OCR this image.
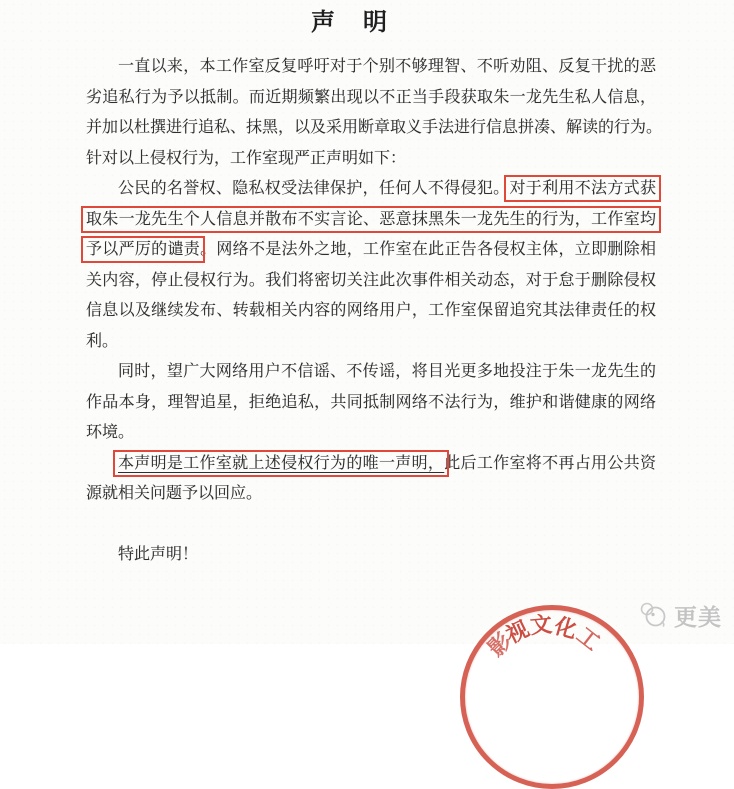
声　明
一直以来，本工作室反复呼吁对于个别不够理智、不听劝阻、反复干扰的恶
劣追私行为予以抵制。而近期频繁出现以不正当手段获取朱一龙先生私人信息，
并加以杜撰进行追私、抹黑，以及采用断章取义手法进行信息拼凑、解读的行为。
针对以上侵权行为，工作室现严正声明如下：
公民的名誉权、隐私权受法律保护，任何人不得侵犯。对于利用不法方式获
取朱一龙先生个人信息并散布不实言论、恶意抹黑朱一龙先生的行为，工作室均
予以严厉的谴责。网络不是法外之地，工作室在此正告各侵权主体，立即删除相
关内容，停止侵权行为。我们将密切关注此次事件相关动态，对于怠于删除侵权
信息以及继续发布、转载相关内容的网络用户，工作室保留追究其法律责任的权
利。
同时，望广大网络用户不信谣、不传谣，将目光更多地投注于朱一龙先生的
作品本身，理智追星，拒绝追私，共同抵制网络不法行为，维护和谐健康的网络
环境。
本声明是工作室就上述侵权行为的唯一声明，此后工作室将不再占用公共资
源就相关问题予以回应。

特此声明！
影
视
文
化
工
更美
